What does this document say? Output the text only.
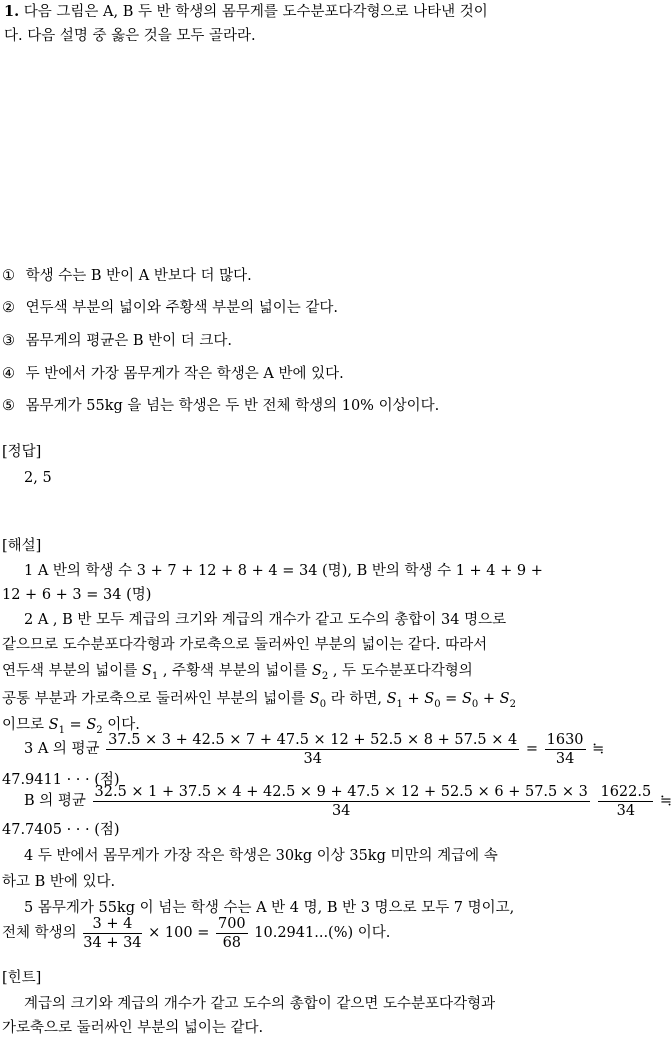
1. 다음 그림은 A, B 두 반 학생의 몸무게를 도수분포다각형으로 나타낸 것이
다. 다음 설명 중 옳은 것을 모두 골라라.
① 학생 수는 B 반이 A 반보다 더 많다.
② 연두색 부분의 넓이와 주황색 부분의 넓이는 같다.
③ 몸무게의 평균은 B 반이 더 크다.
④ 두 반에서 가장 몸무게가 작은 학생은 A 반에 있다.
⑤ 몸무게가 55kg 을 넘는 학생은 두 반 전체 학생의 10% 이상이다.
[정답]
2, 5
[해설]
1 A 반의 학생 수 3 + 7 + 12 + 8 + 4 = 34 (명), B 반의 학생 수 1 + 4 + 9 +
12 + 6 + 3 = 34 (명)
2 A , B 반 모두 계급의 크기와 계급의 개수가 같고 도수의 총합이 34 명으로
같으므로 도수분포다각형과 가로축으로 둘러싸인 부분의 넓이는 같다. 따라서
연두색 부분의 넓이를 $S_1$ , 주황색 부분의 넓이를 $S_2$ , 두 도수분포다각형의
공통 부분과 가로축으로 둘러싸인 부분의 넓이를 $S_0$ 라 하면, $S_1 + S_0 = S_0 + S_2$
이므로 $S_1 = S_2$ 이다.
3 A 의 평균 $\frac{37.5 \times 3 + 42.5 \times 7 + 47.5 \times 12 + 52.5 \times 8 + 57.5 \times 4}{34} = \frac{1630}{34}$ ≒
47.9411 · · · (점)
B 의 평균
32.5 × 1 + 37.5 × 4 + 42.5 × 9 + 47.5 × 12 + 52.5 × 6 + 57.5 × 3
34
	$\frac{1622.5}{34}$ ≒
47.7405 · · · (점)
4 두 반에서 몸무게가 가장 작은 학생은 30kg 이상 35kg 미만의 계급에 속
하고 B 반에 있다.
5 몸무게가 55kg 이 넘는 학생 수는 A 반 4 명, B 반 3 명으로 모두 7 명이고,
전체 학생의 $\frac{3 + 4}{34 + 34} \times 100 = \frac{700}{68} 10.2941...(\%)$ 이다.
[힌트]
계급의 크기와 계급의 개수가 같고 도수의 총합이 같으면 도수분포다각형과
가로축으로 둘러싸인 부분의 넓이는 같다.
